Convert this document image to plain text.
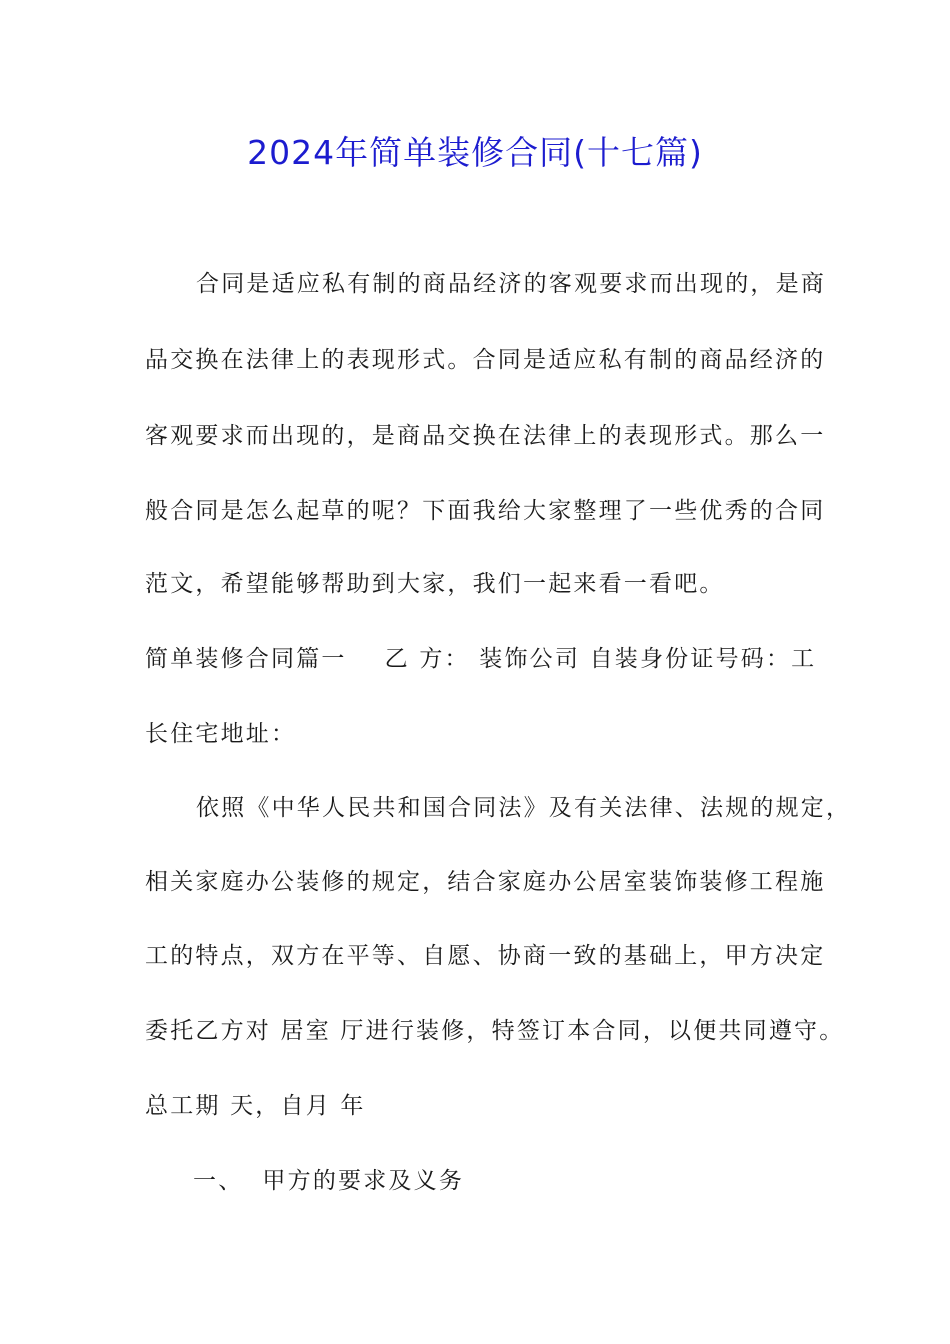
2024年简单装修合同(十七篇)
合同是适应私有制的商品经济的客观要求而出现的，是商
品交换在法律上的表现形式。合同是适应私有制的商品经济的
客观要求而出现的，是商品交换在法律上的表现形式。那么一
般合同是怎么起草的呢？下面我给大家整理了一些优秀的合同
范文，希望能够帮助到大家，我们一起来看一看吧。
简单装修合同篇一    乙 方： 装饰公司 自装身份证号码：工
长住宅地址：
依照《中华人民共和国合同法》及有关法律、法规的规定，
相关家庭办公装修的规定，结合家庭办公居室装饰装修工程施
工的特点，双方在平等、自愿、协商一致的基础上，甲方决定
委托乙方对 居室 厅进行装修，特签订本合同，以便共同遵守。
总工期 天，自月 年
一、  甲方的要求及义务
